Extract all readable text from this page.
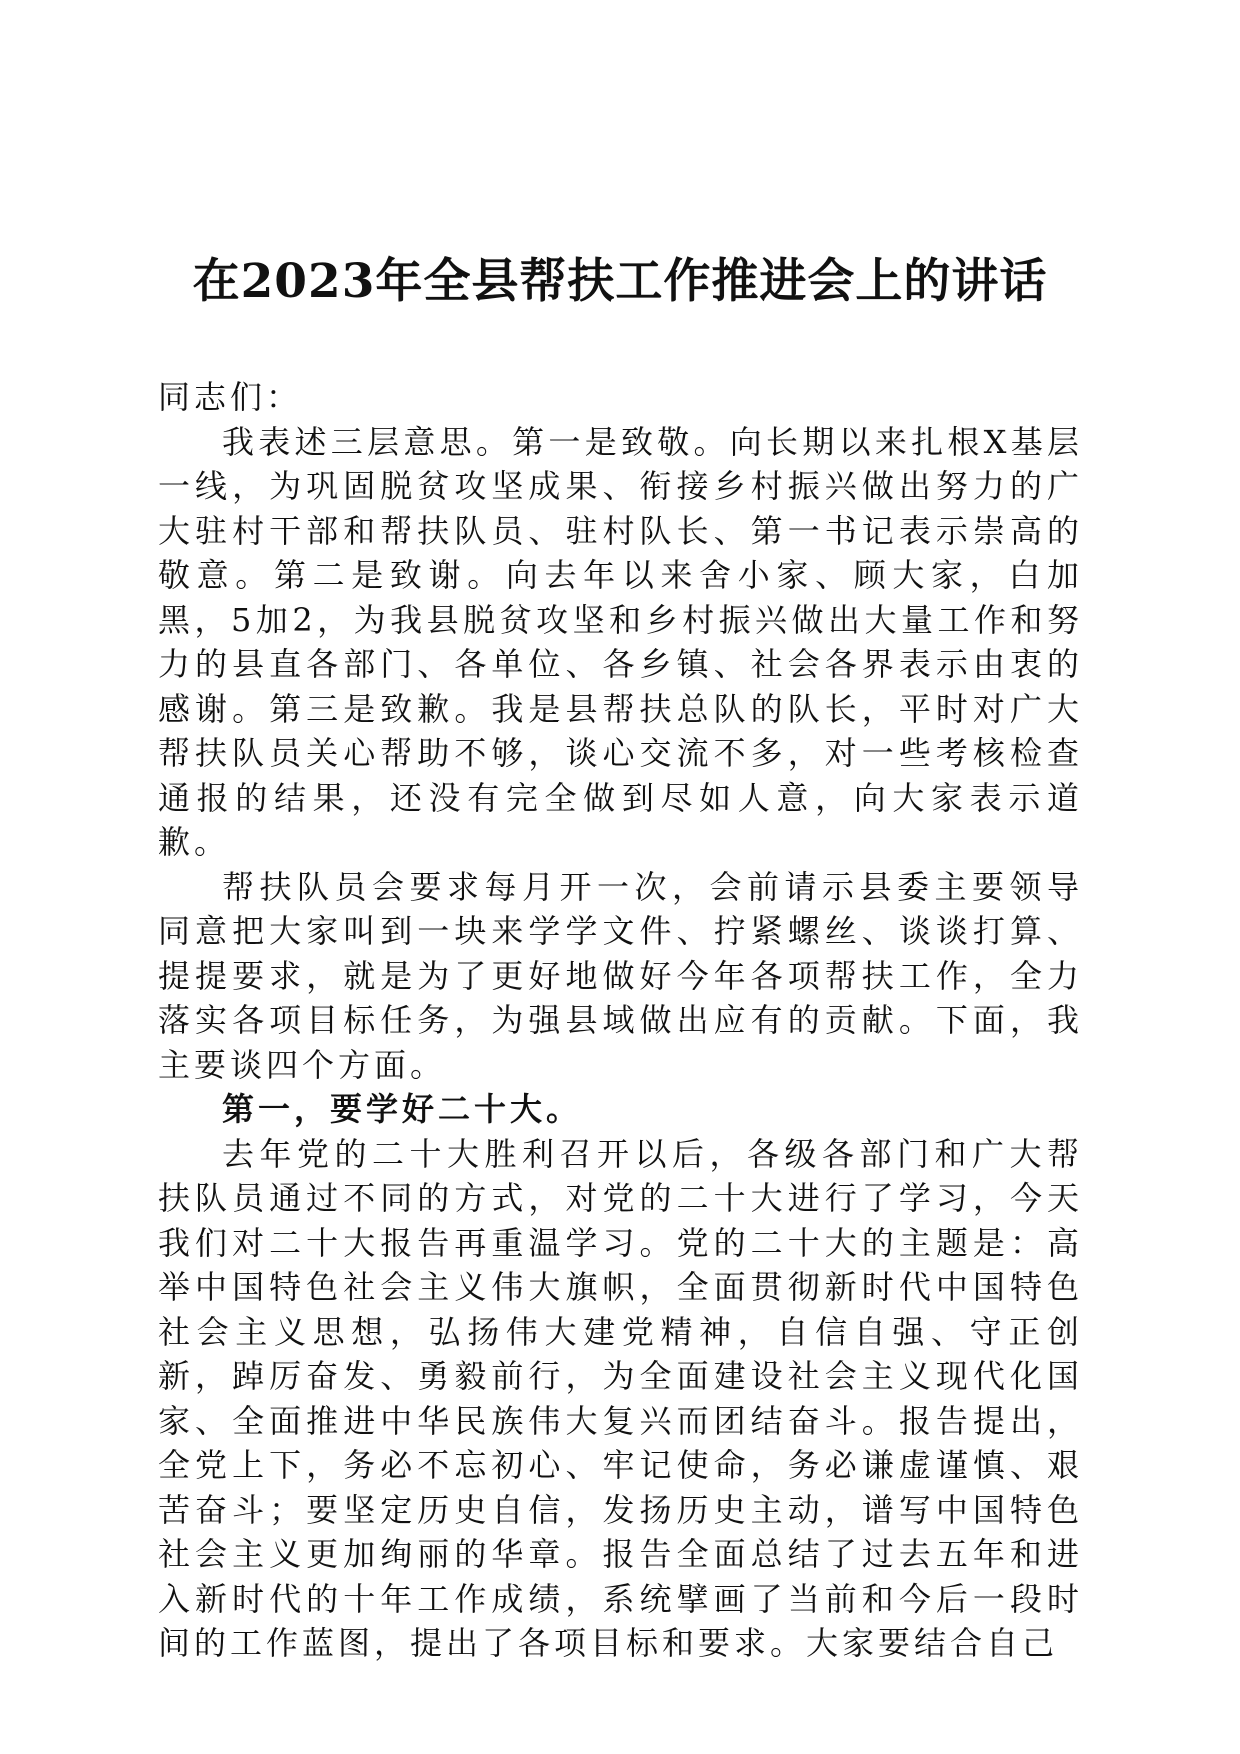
在2023年全县帮扶工作推进会上的讲话

同志们：

我表述三层意思。第一是致敬。向长期以来扎根X基层一线，为巩固脱贫攻坚成果、衔接乡村振兴做出努力的广大驻村干部和帮扶队员、驻村队长、第一书记表示崇高的敬意。第二是致谢。向去年以来舍小家、顾大家，白加黑，5加2，为我县脱贫攻坚和乡村振兴做出大量工作和努力的县直各部门、各单位、各乡镇、社会各界表示由衷的感谢。第三是致歉。我是县帮扶总队的队长，平时对广大帮扶队员关心帮助不够，谈心交流不多，对一些考核检查通报的结果，还没有完全做到尽如人意，向大家表示道歉。

帮扶队员会要求每月开一次，会前请示县委主要领导同意把大家叫到一块来学学文件、拧紧螺丝、谈谈打算、提提要求，就是为了更好地做好今年各项帮扶工作，全力落实各项目标任务，为强县域做出应有的贡献。下面，我主要谈四个方面。

第一，要学好二十大。

去年党的二十大胜利召开以后，各级各部门和广大帮扶队员通过不同的方式，对党的二十大进行了学习，今天我们对二十大报告再重温学习。党的二十大的主题是：高举中国特色社会主义伟大旗帜，全面贯彻新时代中国特色社会主义思想，弘扬伟大建党精神，自信自强、守正创新，踔厉奋发、勇毅前行，为全面建设社会主义现代化国家、全面推进中华民族伟大复兴而团结奋斗。报告提出，全党上下，务必不忘初心、牢记使命，务必谦虚谨慎、艰苦奋斗；要坚定历史自信，发扬历史主动，谱写中国特色社会主义更加绚丽的华章。报告全面总结了过去五年和进入新时代的十年工作成绩，系统擘画了当前和今后一段时间的工作蓝图，提出了各项目标和要求。大家要结合自己
